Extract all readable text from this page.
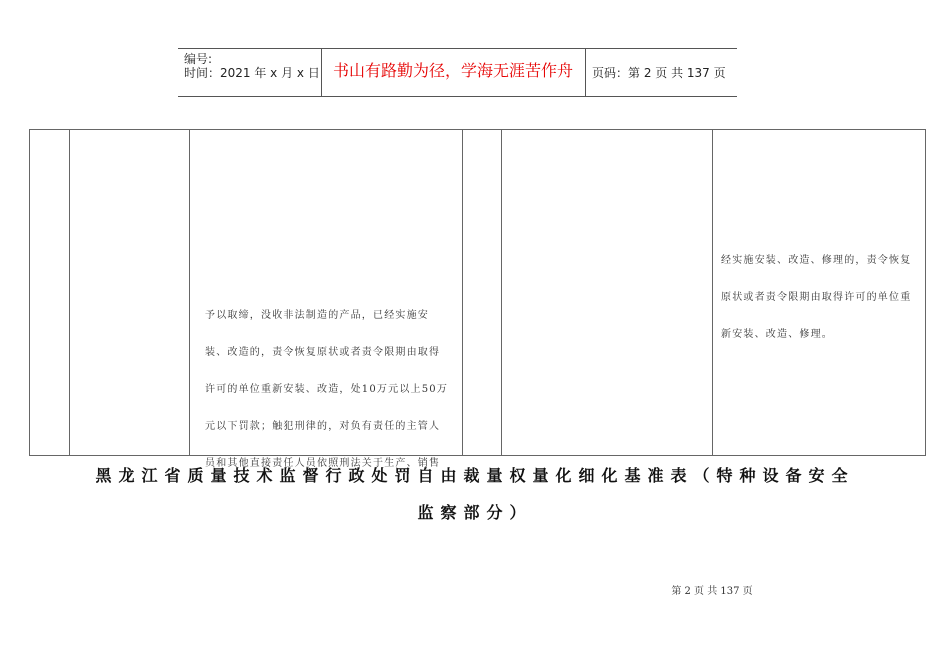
编号:
时间：2021 年 x 月 x 日 书山有路勤为径，学海无涯苦作舟	页码：第 2 页 共 137 页

予以取缔，没收非法制造的产品，已经实施安

装、改造的，责令恢复原状或者责令限期由取得

许可的单位重新安装、改造，处10万元以上50万

元以下罚款；触犯刑律的，对负有责任的主管人

员和其他直接责任人员依照刑法关于生产、销售

经实施安装、改造、修理的，责令恢复

原状或者责令限期由取得许可的单位重

新安装、改造、修理。

黑龙江省质量技术监督行政处罚自由裁量权量化细化基准表（特种设备安全
监察部分）
第 2 页 共 137 页
